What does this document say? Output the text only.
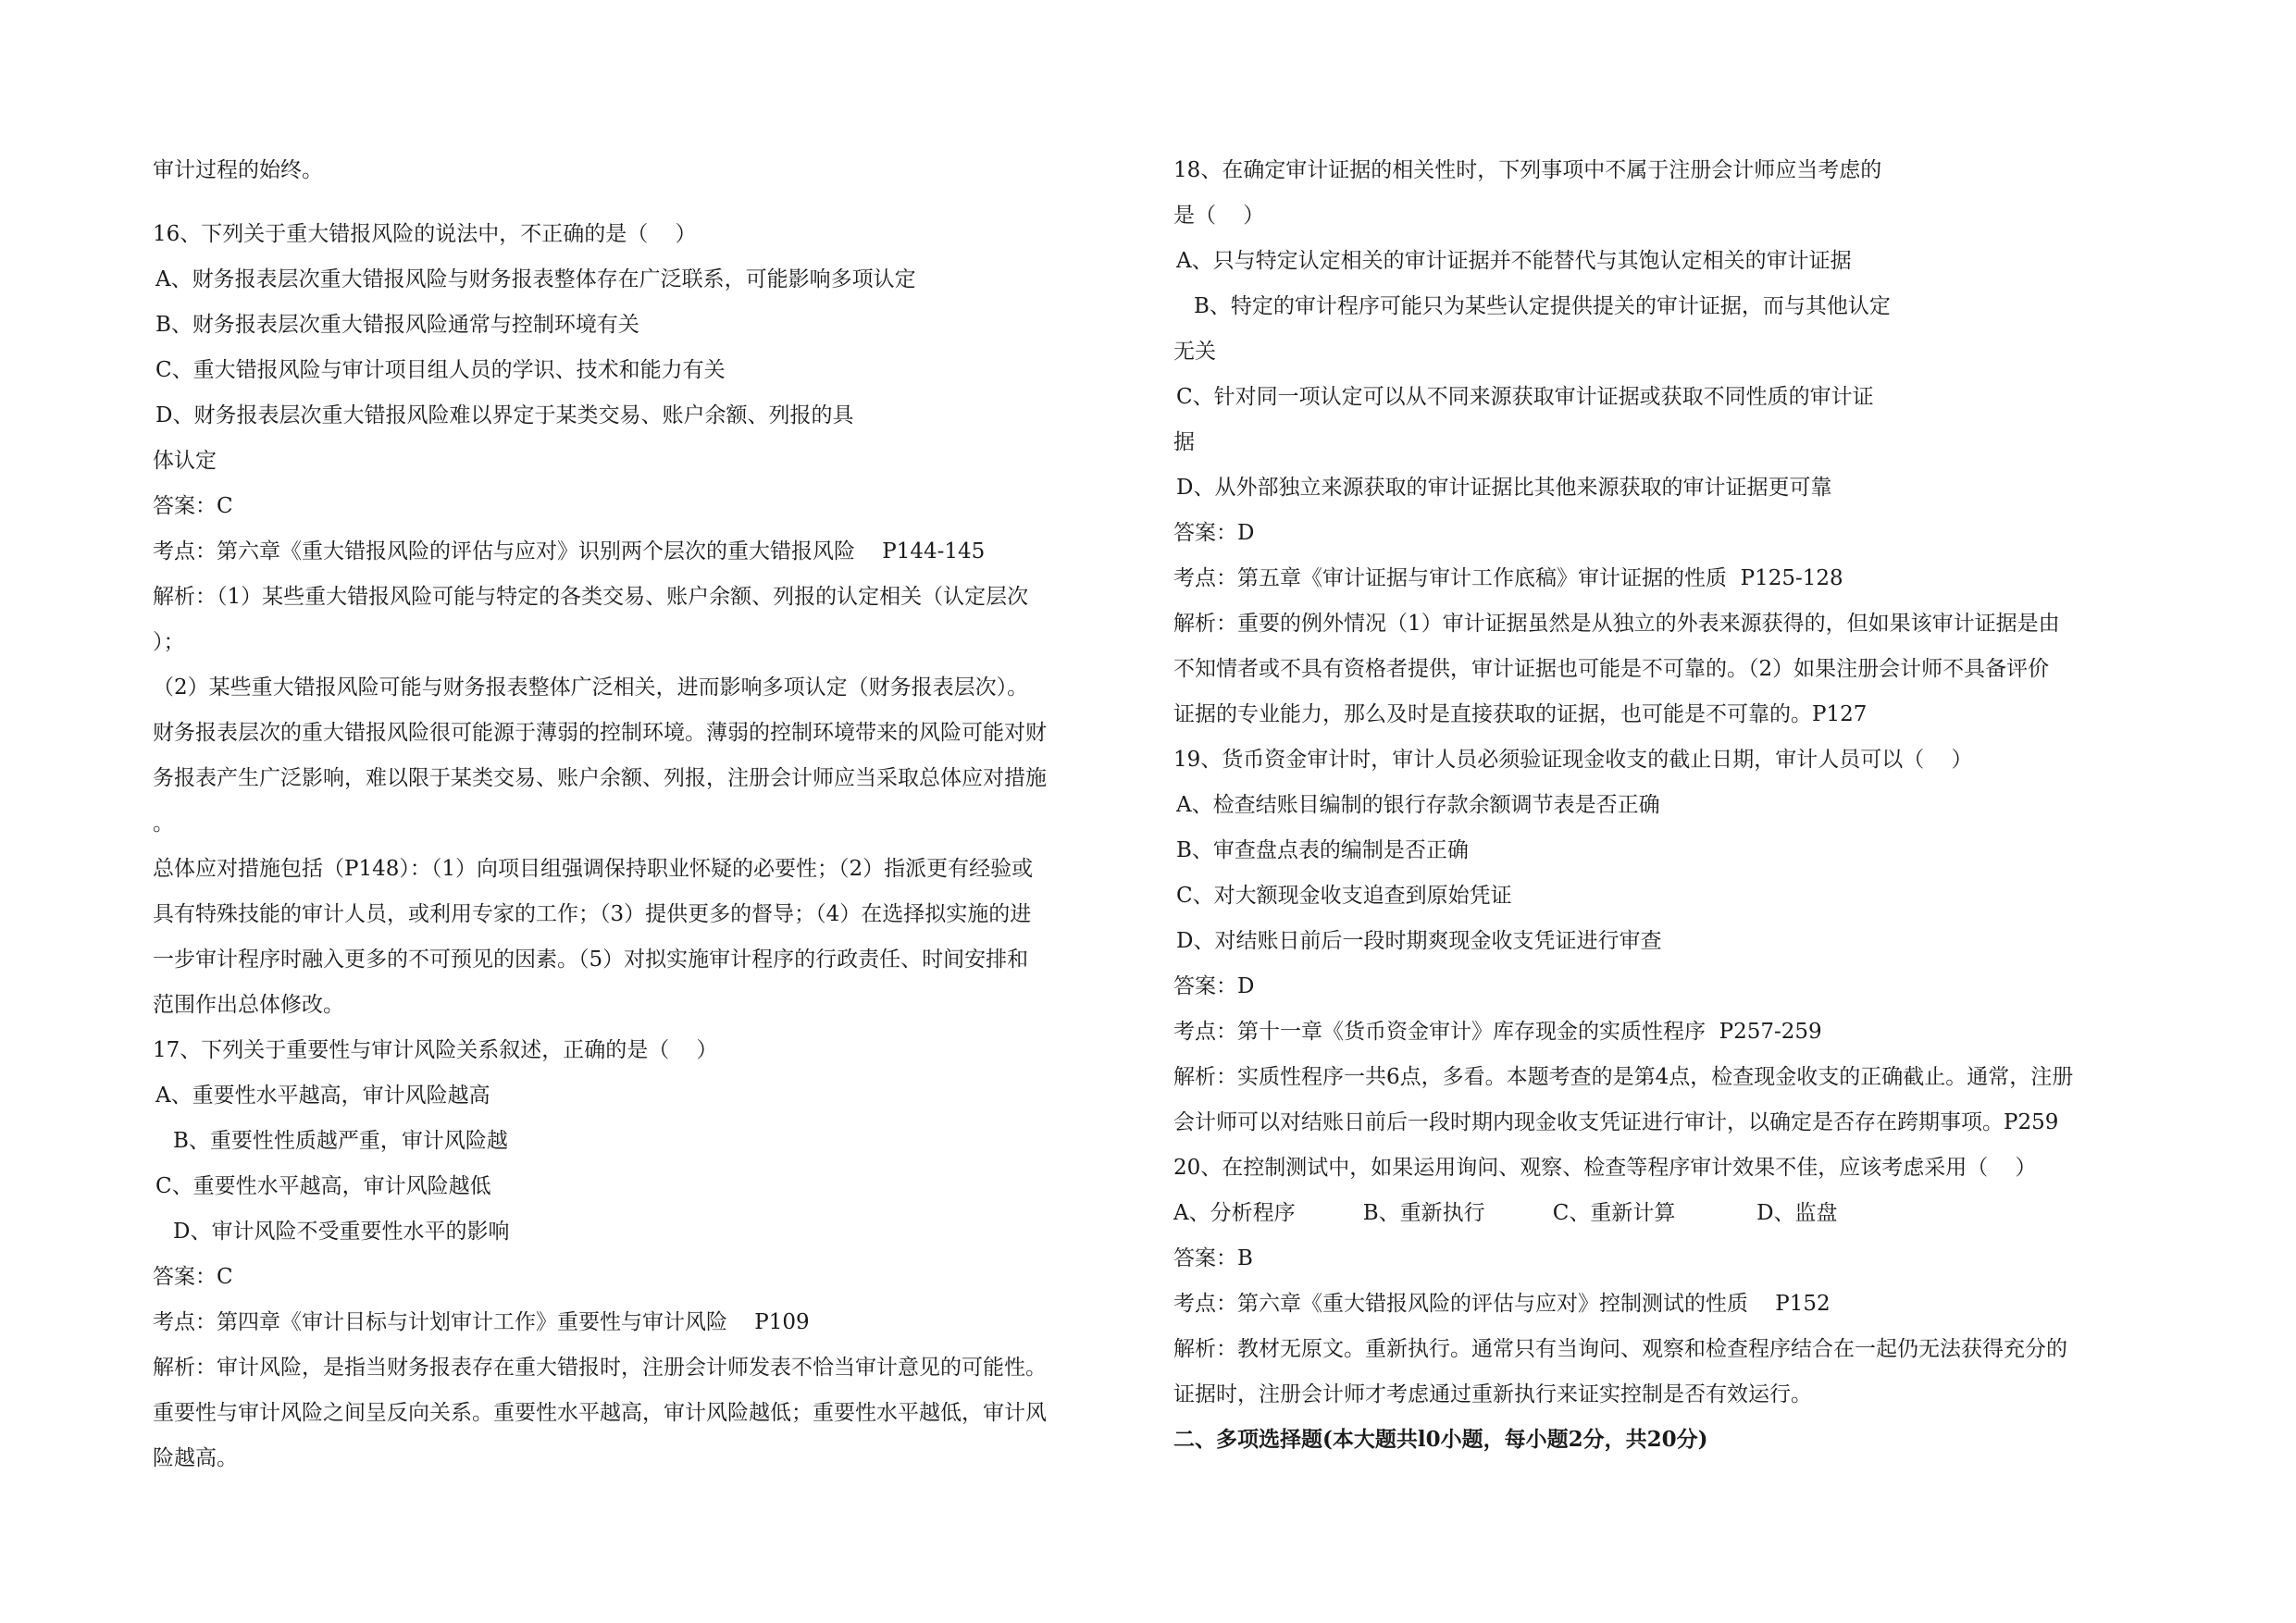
审计过程的始终。
16、下列关于重大错报风险的说法中，不正确的是（    ）
A、财务报表层次重大错报风险与财务报表整体存在广泛联系，可能影响多项认定
B、财务报表层次重大错报风险通常与控制环境有关
C、重大错报风险与审计项目组人员的学识、技术和能力有关
D、财务报表层次重大错报风险难以界定于某类交易、账户余额、列报的具
体认定
答案：C
考点：第六章《重大错报风险的评估与应对》识别两个层次的重大错报风险    P144-145
解析：（1）某些重大错报风险可能与特定的各类交易、账户余额、列报的认定相关（认定层次
）；
（2）某些重大错报风险可能与财务报表整体广泛相关，进而影响多项认定（财务报表层次）。
财务报表层次的重大错报风险很可能源于薄弱的控制环境。薄弱的控制环境带来的风险可能对财
务报表产生广泛影响，难以限于某类交易、账户余额、列报，注册会计师应当采取总体应对措施
。
总体应对措施包括（P148）：（1）向项目组强调保持职业怀疑的必要性；（2）指派更有经验或
具有特殊技能的审计人员，或利用专家的工作；（3）提供更多的督导；（4）在选择拟实施的进
一步审计程序时融入更多的不可预见的因素。（5）对拟实施审计程序的行政责任、时间安排和
范围作出总体修改。
17、下列关于重要性与审计风险关系叙述，正确的是（    ）
A、重要性水平越高，审计风险越高
B、重要性性质越严重，审计风险越
C、重要性水平越高，审计风险越低
D、审计风险不受重要性水平的影响
答案：C
考点：第四章《审计目标与计划审计工作》重要性与审计风险    P109
解析：审计风险，是指当财务报表存在重大错报时，注册会计师发表不恰当审计意见的可能性。
重要性与审计风险之间呈反向关系。重要性水平越高，审计风险越低；重要性水平越低，审计风
险越高。
18、在确定审计证据的相关性时，下列事项中不属于注册会计师应当考虑的
是（    ）
A、只与特定认定相关的审计证据并不能替代与其饱认定相关的审计证据
B、特定的审计程序可能只为某些认定提供提关的审计证据，而与其他认定
无关
C、针对同一项认定可以从不同来源获取审计证据或获取不同性质的审计证
据
D、从外部独立来源获取的审计证据比其他来源获取的审计证据更可靠
答案：D
考点：第五章《审计证据与审计工作底稿》审计证据的性质  P125-128
解析：重要的例外情况（1）审计证据虽然是从独立的外表来源获得的，但如果该审计证据是由
不知情者或不具有资格者提供，审计证据也可能是不可靠的。（2）如果注册会计师不具备评价
证据的专业能力，那么及时是直接获取的证据，也可能是不可靠的。P127
19、货币资金审计时，审计人员必须验证现金收支的截止日期，审计人员可以（    ）
A、检查结账目编制的银行存款余额调节表是否正确
B、审查盘点表的编制是否正确
C、对大额现金收支追查到原始凭证
D、对结账日前后一段时期爽现金收支凭证进行审查
答案：D
考点：第十一章《货币资金审计》库存现金的实质性程序  P257-259
解析：实质性程序一共6点，多看。本题考查的是第4点，检查现金收支的正确截止。通常，注册
会计师可以对结账日前后一段时期内现金收支凭证进行审计，以确定是否存在跨期事项。P259
20、在控制测试中，如果运用询问、观察、检查等程序审计效果不佳，应该考虑采用（    ）
A、分析程序          B、重新执行          C、重新计算            D、监盘
答案：B
考点：第六章《重大错报风险的评估与应对》控制测试的性质    P152
解析：教材无原文。重新执行。通常只有当询问、观察和检查程序结合在一起仍无法获得充分的
证据时，注册会计师才考虑通过重新执行来证实控制是否有效运行。
二、多项选择题(本大题共l0小题，每小题2分，共20分)
